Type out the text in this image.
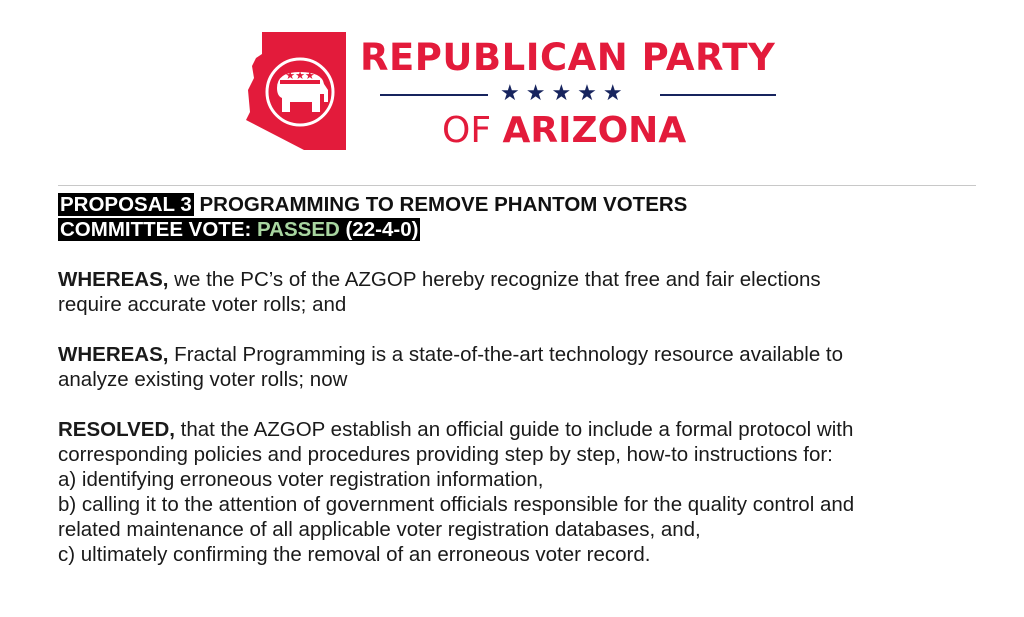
★★★ REPUBLICAN PARTY
★★★★★
OF ARIZONA
PROPOSAL 3 PROGRAMMING TO REMOVE PHANTOM VOTERS
COMMITTEE VOTE: PASSED (22-4-0)

WHEREAS, we the PC’s of the AZGOP hereby recognize that free and fair elections

require accurate voter rolls; and

WHEREAS, Fractal Programming is a state-of-the-art technology resource available to

analyze existing voter rolls; now

RESOLVED, that the AZGOP establish an official guide to include a formal protocol with

corresponding policies and procedures providing step by step, how-to instructions for:

a) identifying erroneous voter registration information,

b) calling it to the attention of government officials responsible for the quality control and

related maintenance of all applicable voter registration databases, and,

c) ultimately confirming the removal of an erroneous voter record.
